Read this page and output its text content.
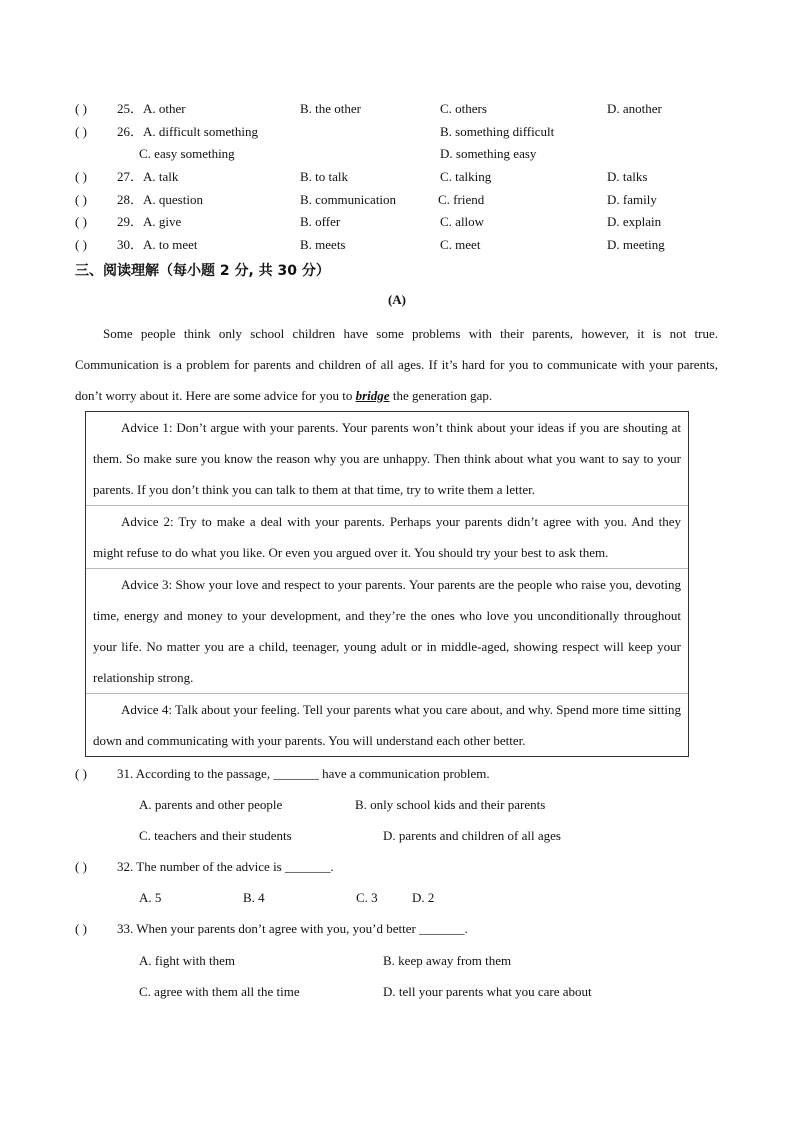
( ) 25． A. other	B. the other	C. others	D. another
( ) 26． A. difficult something	B. something difficult
C. easy something	D. something easy
( ) 27． A. talk	B. to talk	C. talking	D. talks
( ) 28． A. question	B. communication	C. friend	D. family
( ) 29． A. give	B. offer	C. allow	D. explain
( ) 30． A. to meet	B. meets	C. meet	D. meeting
三、阅读理解（每小题 2 分, 共 30 分）
(A)
Some people think only school children have some problems with their parents, however, it is not true. Communication is a problem for parents and children of all ages. If it’s hard for you to communicate with your parents, don’t worry about it. Here are some advice for you to bridge the generation gap.
Advice 1: Don’t argue with your parents. Your parents won’t think about your ideas if you are shouting at them. So make sure you know the reason why you are unhappy. Then think about what you want to say to your parents. If you don’t think you can talk to them at that time, try to write them a letter.
Advice 2: Try to make a deal with your parents. Perhaps your parents didn’t agree with you. And they might refuse to do what you like. Or even you argued over it. You should try your best to ask them.
Advice 3: Show your love and respect to your parents. Your parents are the people who raise you, devoting time, energy and money to your development, and they’re the ones who love you unconditionally throughout your life. No matter you are a child, teenager, young adult or in middle-aged, showing respect will keep your relationship strong.
Advice 4: Talk about your feeling. Tell your parents what you care about, and why. Spend more time sitting down and communicating with your parents. You will understand each other better.
( ) 31. According to the passage, _______ have a communication problem.
A. parents and other people	B. only school kids and their parents
C. teachers and their students	D. parents and children of all ages
( ) 32. The number of the advice is _______.
A. 5	B. 4	C. 3	D. 2
( ) 33. When your parents don’t agree with you, you’d better _______.
A. fight with them	B. keep away from them
C. agree with them all the time	D. tell your parents what you care about
